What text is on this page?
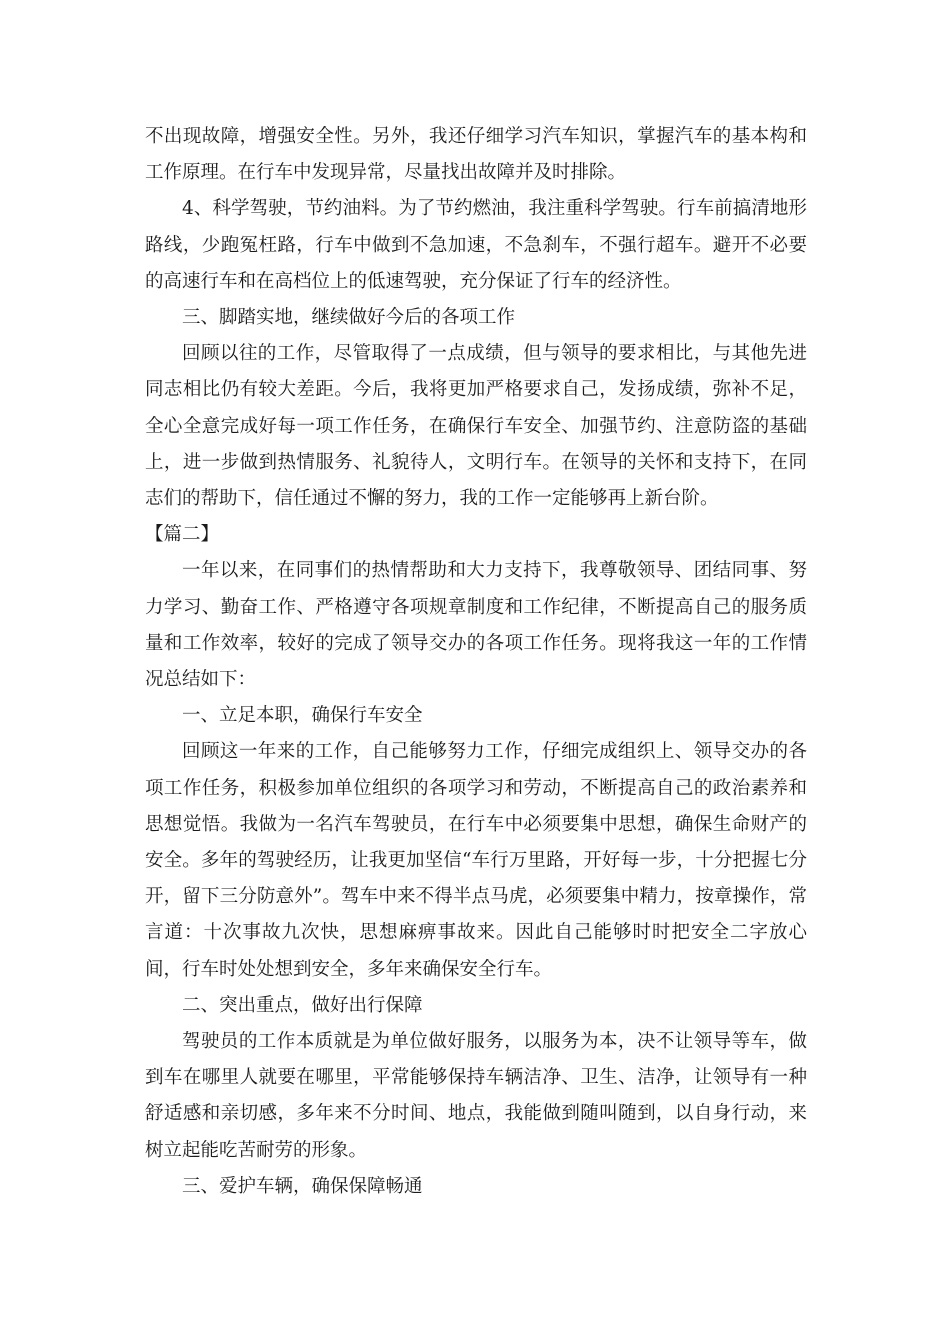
不出现故障，增强安全性。另外，我还仔细学习汽车知识，掌握汽车的基本构和工作原理。在行车中发现异常，尽量找出故障并及时排除。

4、科学驾驶，节约油料。为了节约燃油，我注重科学驾驶。行车前搞清地形路线，少跑冤枉路，行车中做到不急加速，不急刹车，不强行超车。避开不必要的高速行车和在高档位上的低速驾驶，充分保证了行车的经济性。

三、脚踏实地，继续做好今后的各项工作

回顾以往的工作，尽管取得了一点成绩，但与领导的要求相比，与其他先进同志相比仍有较大差距。今后，我将更加严格要求自己，发扬成绩，弥补不足，全心全意完成好每一项工作任务，在确保行车安全、加强节约、注意防盗的基础上，进一步做到热情服务、礼貌待人，文明行车。在领导的关怀和支持下，在同志们的帮助下，信任通过不懈的努力，我的工作一定能够再上新台阶。

【篇二】

一年以来，在同事们的热情帮助和大力支持下，我尊敬领导、团结同事、努力学习、勤奋工作、严格遵守各项规章制度和工作纪律，不断提高自己的服务质量和工作效率，较好的完成了领导交办的各项工作任务。现将我这一年的工作情况总结如下：

一、立足本职，确保行车安全

回顾这一年来的工作，自己能够努力工作，仔细完成组织上、领导交办的各项工作任务，积极参加单位组织的各项学习和劳动，不断提高自己的政治素养和思想觉悟。我做为一名汽车驾驶员，在行车中必须要集中思想，确保生命财产的安全。多年的驾驶经历，让我更加坚信“车行万里路，开好每一步，十分把握七分开，留下三分防意外”。驾车中来不得半点马虎，必须要集中精力，按章操作，常言道：十次事故九次快，思想麻痹事故来。因此自己能够时时把安全二字放心间，行车时处处想到安全，多年来确保安全行车。

二、突出重点，做好出行保障

驾驶员的工作本质就是为单位做好服务，以服务为本，决不让领导等车，做到车在哪里人就要在哪里，平常能够保持车辆洁净、卫生、洁净，让领导有一种舒适感和亲切感，多年来不分时间、地点，我能做到随叫随到，以自身行动，来树立起能吃苦耐劳的形象。

三、爱护车辆，确保保障畅通
